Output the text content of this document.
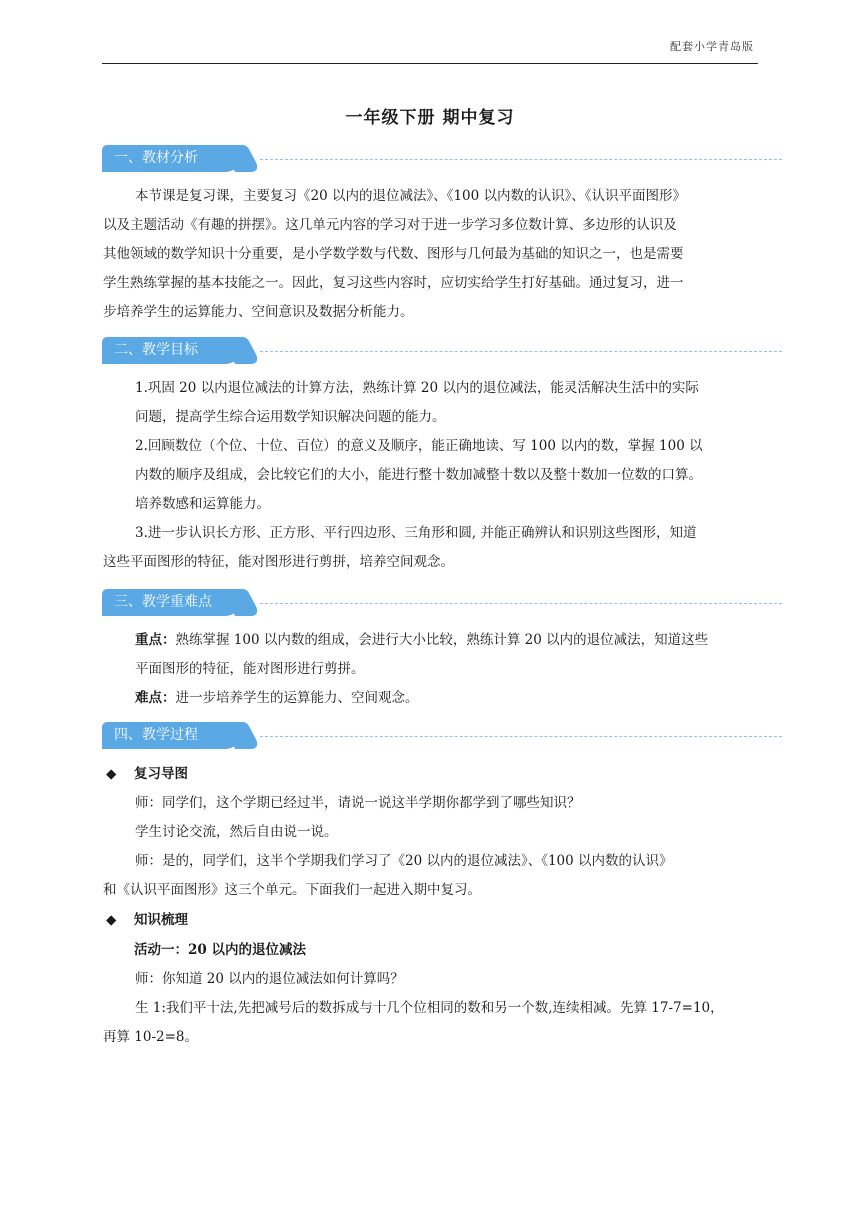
配套小学青岛版
一年级下册 期中复习
一、教材分析
本节课是复习课，主要复习《20 以内的退位减法》、《100 以内数的认识》、《认识平面图形》
以及主题活动《有趣的拼摆》。这几单元内容的学习对于进一步学习多位数计算、多边形的认识及
其他领域的数学知识十分重要，是小学数学数与代数、图形与几何最为基础的知识之一，也是需要
学生熟练掌握的基本技能之一。因此，复习这些内容时，应切实给学生打好基础。通过复习，进一
步培养学生的运算能力、空间意识及数据分析能力。
二、教学目标
1.巩固 20 以内退位减法的计算方法，熟练计算 20 以内的退位减法，能灵活解决生活中的实际
问题，提高学生综合运用数学知识解决问题的能力。
2.回顾数位（个位、十位、百位）的意义及顺序，能正确地读、写 100 以内的数，掌握 100 以
内数的顺序及组成，会比较它们的大小，能进行整十数加减整十数以及整十数加一位数的口算。
培养数感和运算能力。
3.进一步认识长方形、正方形、平行四边形、三角形和圆, 并能正确辨认和识别这些图形，知道
这些平面图形的特征，能对图形进行剪拼，培养空间观念。
三、教学重难点
重点：熟练掌握 100 以内数的组成，会进行大小比较，熟练计算 20 以内的退位减法，知道这些
平面图形的特征，能对图形进行剪拼。
难点：进一步培养学生的运算能力、空间观念。
四、教学过程
◆ 复习导图
师：同学们，这个学期已经过半，请说一说这半学期你都学到了哪些知识？
学生讨论交流，然后自由说一说。
师：是的，同学们，这半个学期我们学习了《20 以内的退位减法》、《100 以内数的认识》
和《认识平面图形》这三个单元。下面我们一起进入期中复习。
◆ 知识梳理
活动一：20 以内的退位减法
师：你知道 20 以内的退位减法如何计算吗？
生 1:我们平十法,先把减号后的数拆成与十几个位相同的数和另一个数,连续相减。先算 17-7=10，
再算 10-2=8。
